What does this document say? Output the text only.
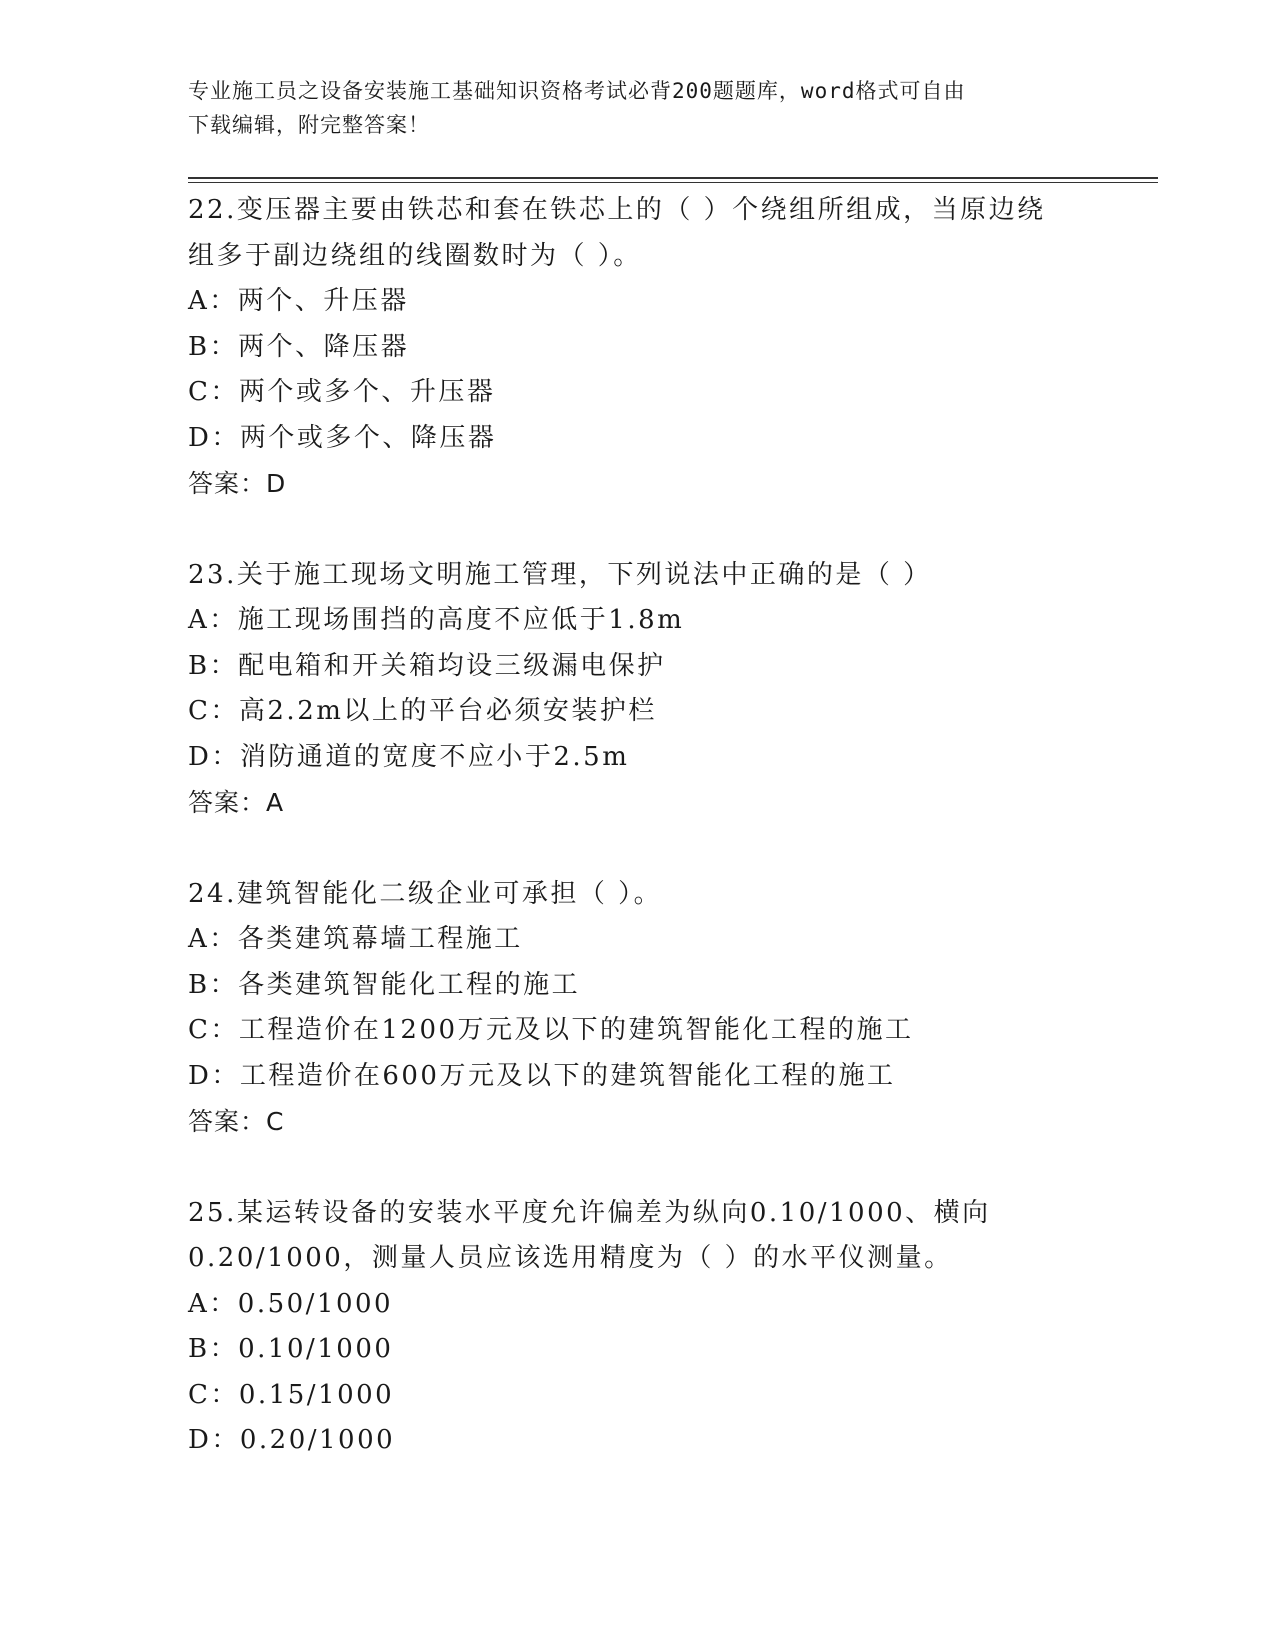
专业施工员之设备安装施工基础知识资格考试必背200题题库，word格式可自由
下载编辑，附完整答案！
22.变压器主要由铁芯和套在铁芯上的（ ）个绕组所组成，当原边绕
组多于副边绕组的线圈数时为（ ）。
A：两个、升压器
B：两个、降压器
C：两个或多个、升压器
D：两个或多个、降压器
答案：D
23.关于施工现场文明施工管理，下列说法中正确的是（ ）
A：施工现场围挡的高度不应低于1.8m
B：配电箱和开关箱均设三级漏电保护
C：高2.2m以上的平台必须安装护栏
D：消防通道的宽度不应小于2.5m
答案：A
24.建筑智能化二级企业可承担（ ）。
A：各类建筑幕墙工程施工
B：各类建筑智能化工程的施工
C：工程造价在1200万元及以下的建筑智能化工程的施工
D：工程造价在600万元及以下的建筑智能化工程的施工
答案：C
25.某运转设备的安装水平度允许偏差为纵向0.10/1000、横向
0.20/1000，测量人员应该选用精度为（ ）的水平仪测量。
A：0.50/1000
B：0.10/1000
C：0.15/1000
D：0.20/1000
